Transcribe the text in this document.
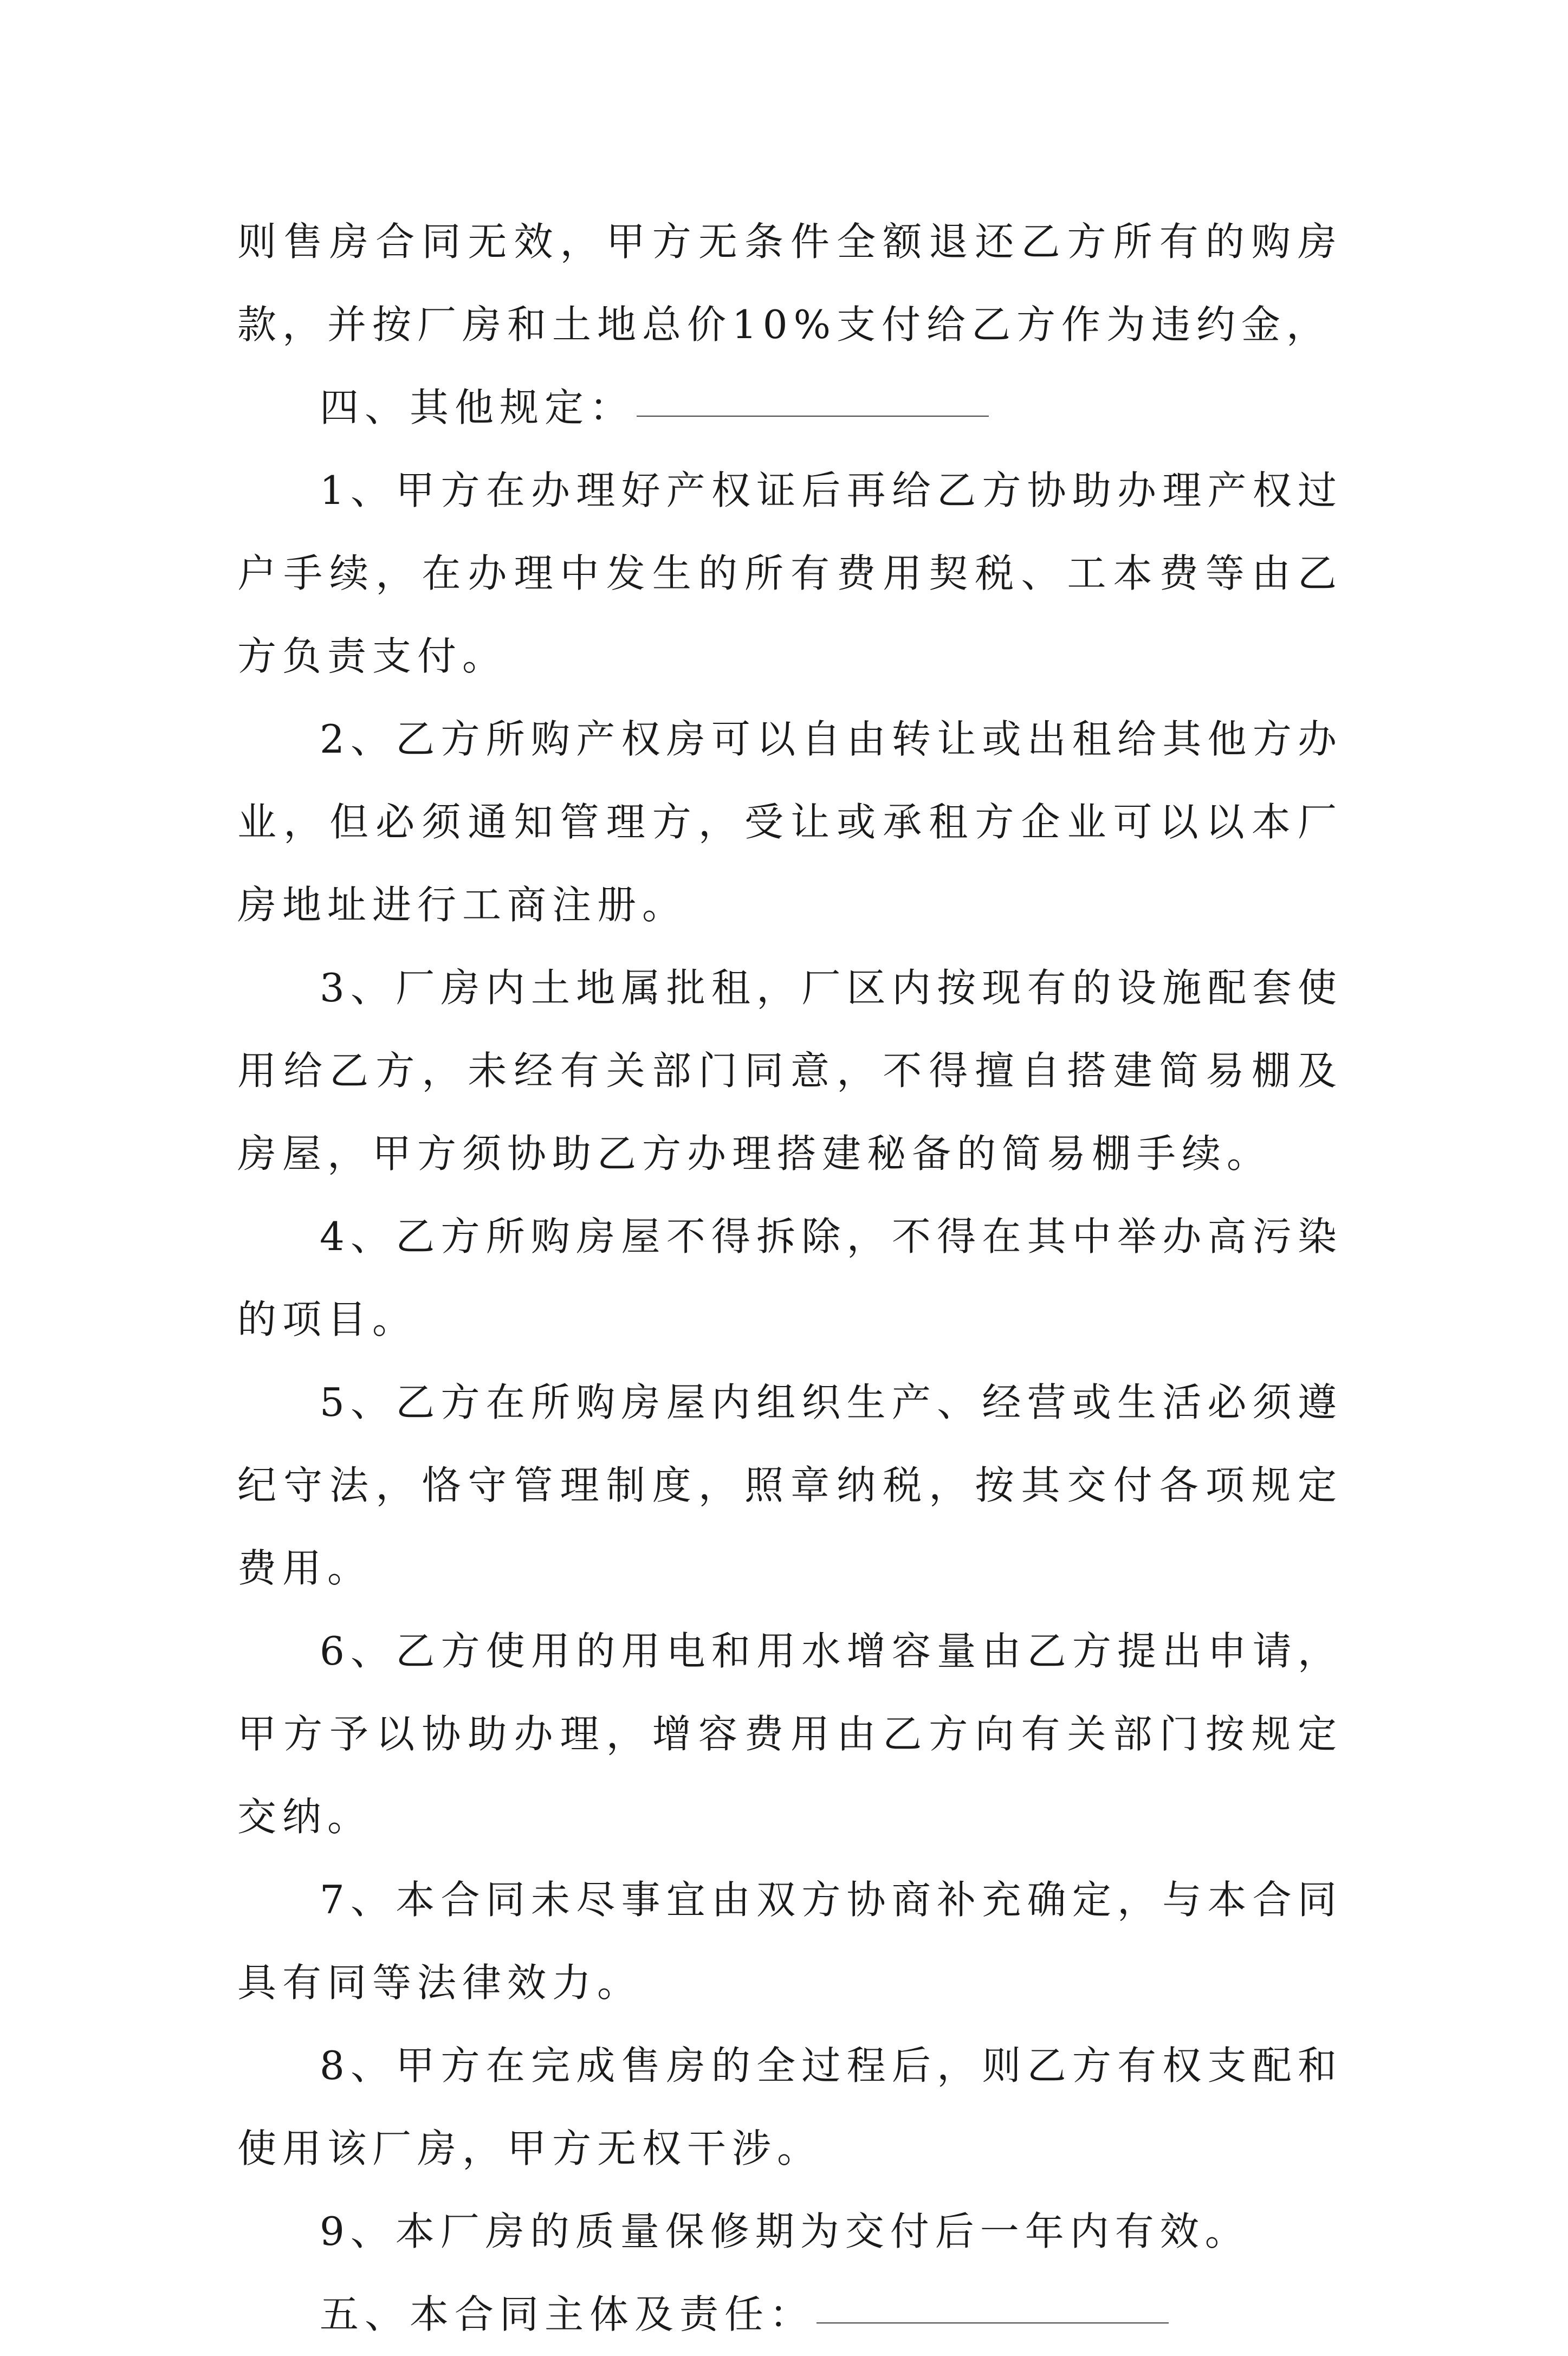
则售房合同无效，甲方无条件全额退还乙方所有的购房款，并按厂房和土地总价10%支付给乙方作为违约金，

四、其他规定：

1、甲方在办理好产权证后再给乙方协助办理产权过户手续，在办理中发生的所有费用契税、工本费等由乙方负责支付。

2、乙方所购产权房可以自由转让或出租给其他方办业，但必须通知管理方，受让或承租方企业可以以本厂房地址进行工商注册。

3、厂房内土地属批租，厂区内按现有的设施配套使用给乙方，未经有关部门同意，不得擅自搭建简易棚及房屋，甲方须协助乙方办理搭建秘备的简易棚手续。

4、乙方所购房屋不得拆除，不得在其中举办高污染的项目。

5、乙方在所购房屋内组织生产、经营或生活必须遵纪守法，恪守管理制度，照章纳税，按其交付各项规定费用。

6、乙方使用的用电和用水增容量由乙方提出申请，甲方予以协助办理，增容费用由乙方向有关部门按规定交纳。

7、本合同未尽事宜由双方协商补充确定，与本合同具有同等法律效力。

8、甲方在完成售房的全过程后，则乙方有权支配和使用该厂房，甲方无权干涉。

9、本厂房的质量保修期为交付后一年内有效。

五、本合同主体及责任：
